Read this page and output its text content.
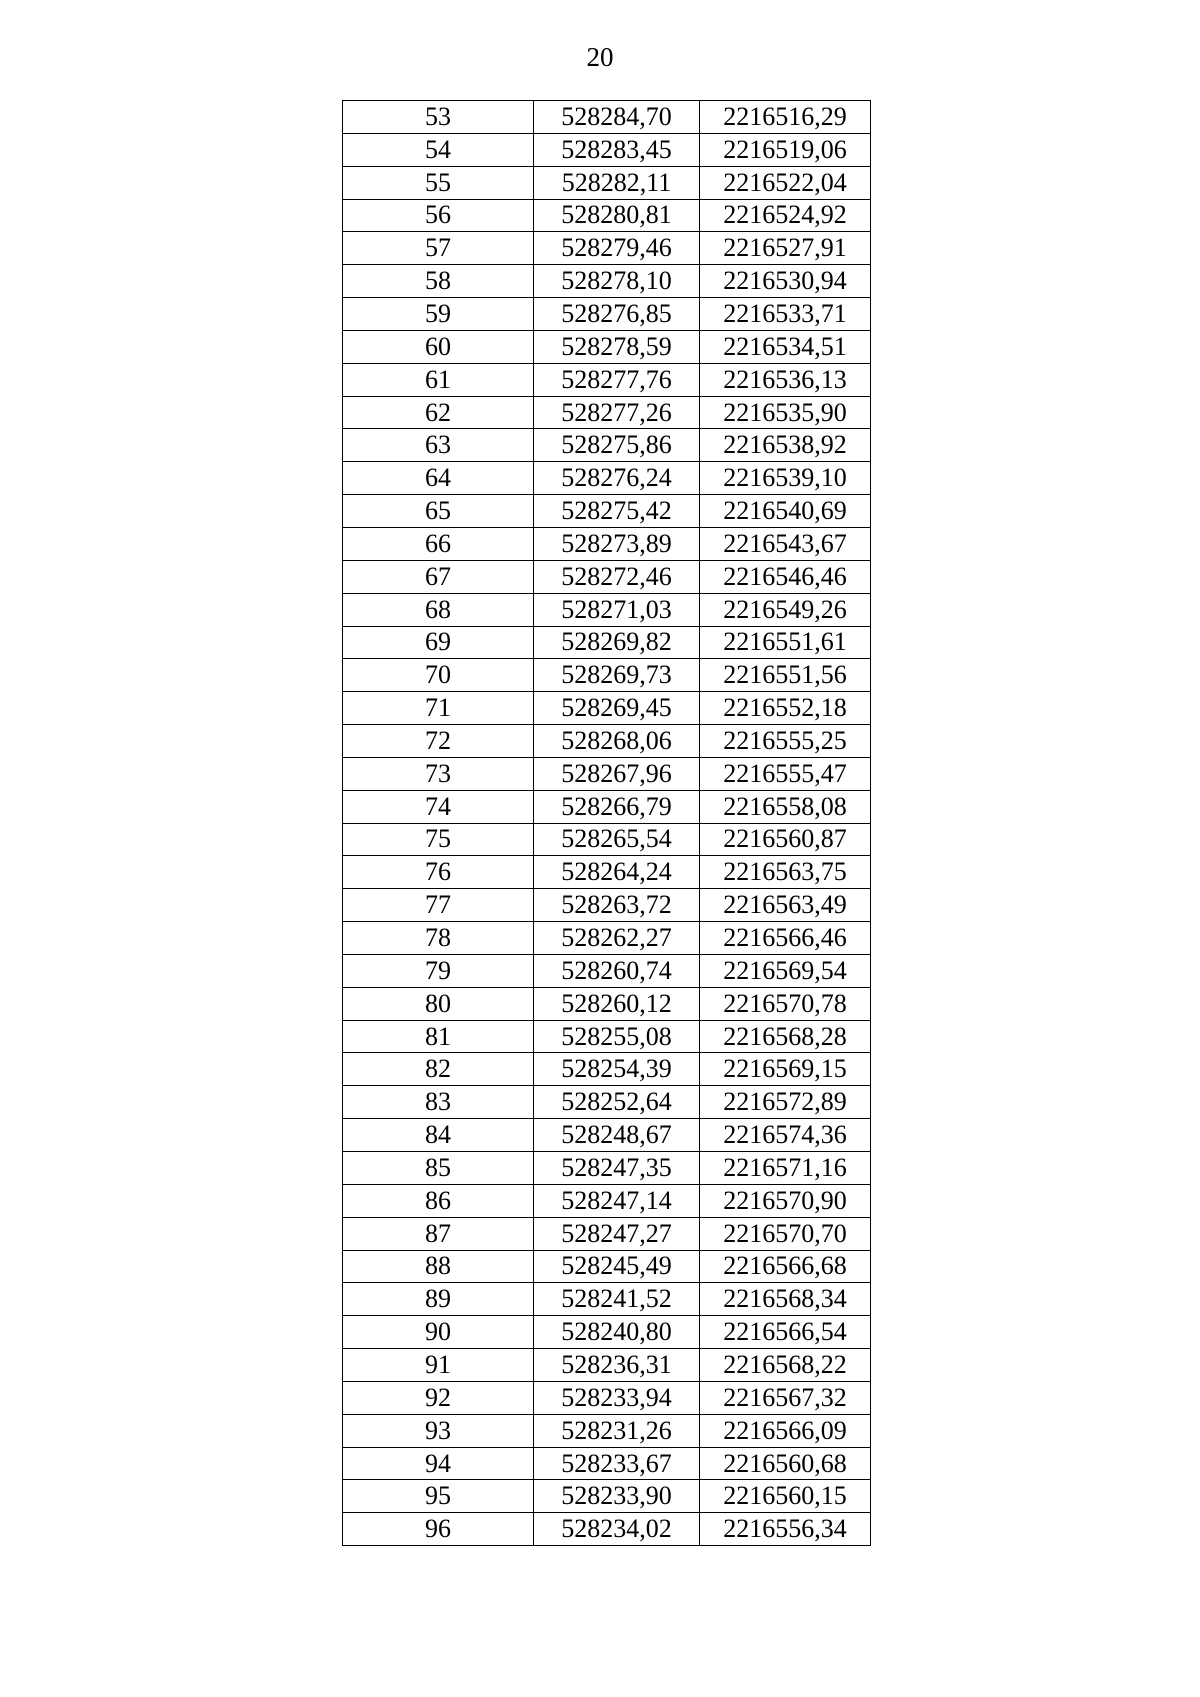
20
53	528284,70	2216516,29
54	528283,45	2216519,06
55	528282,11	2216522,04
56	528280,81	2216524,92
57	528279,46	2216527,91
58	528278,10	2216530,94
59	528276,85	2216533,71
60	528278,59	2216534,51
61	528277,76	2216536,13
62	528277,26	2216535,90
63	528275,86	2216538,92
64	528276,24	2216539,10
65	528275,42	2216540,69
66	528273,89	2216543,67
67	528272,46	2216546,46
68	528271,03	2216549,26
69	528269,82	2216551,61
70	528269,73	2216551,56
71	528269,45	2216552,18
72	528268,06	2216555,25
73	528267,96	2216555,47
74	528266,79	2216558,08
75	528265,54	2216560,87
76	528264,24	2216563,75
77	528263,72	2216563,49
78	528262,27	2216566,46
79	528260,74	2216569,54
80	528260,12	2216570,78
81	528255,08	2216568,28
82	528254,39	2216569,15
83	528252,64	2216572,89
84	528248,67	2216574,36
85	528247,35	2216571,16
86	528247,14	2216570,90
87	528247,27	2216570,70
88	528245,49	2216566,68
89	528241,52	2216568,34
90	528240,80	2216566,54
91	528236,31	2216568,22
92	528233,94	2216567,32
93	528231,26	2216566,09
94	528233,67	2216560,68
95	528233,90	2216560,15
96	528234,02	2216556,34
